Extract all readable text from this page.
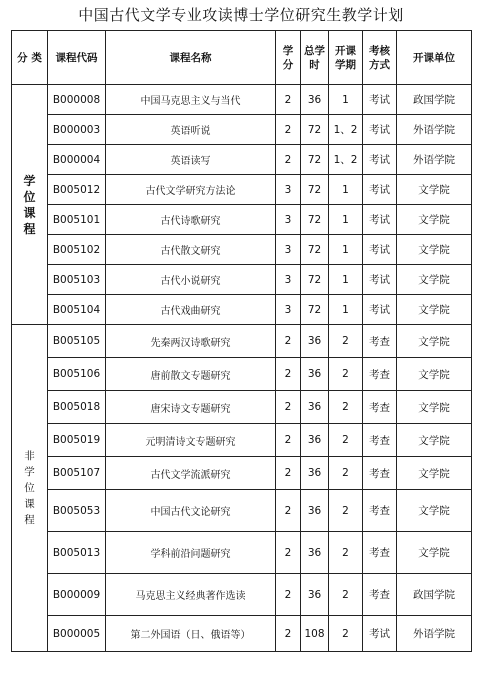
中国古代文学专业攻读博士学位研究生教学计划
分 类	课程代码	课程名称	学分	总学时	开课学期	考核方式	开课单位
学位课程	B000008	中国马克思主义与当代	2	36	1	考试	政国学院
	B000003	英语听说	2	72	1、2	考试	外语学院
	B000004	英语读写	2	72	1、2	考试	外语学院
	B005012	古代文学研究方法论	3	72	1	考试	文学院
	B005101	古代诗歌研究	3	72	1	考试	文学院
	B005102	古代散文研究	3	72	1	考试	文学院
	B005103	古代小说研究	3	72	1	考试	文学院
	B005104	古代戏曲研究	3	72	1	考试	文学院
非学位课程	B005105	先秦两汉诗歌研究	2	36	2	考查	文学院
	B005106	唐前散文专题研究	2	36	2	考查	文学院
	B005018	唐宋诗文专题研究	2	36	2	考查	文学院
	B005019	元明清诗文专题研究	2	36	2	考查	文学院
	B005107	古代文学流派研究	2	36	2	考查	文学院
	B005053	中国古代文论研究	2	36	2	考查	文学院
	B005013	学科前沿问题研究	2	36	2	考查	文学院
	B000009	马克思主义经典著作选读	2	36	2	考查	政国学院
	B000005	第二外国语（日、俄语等）	2	108	2	考试	外语学院
